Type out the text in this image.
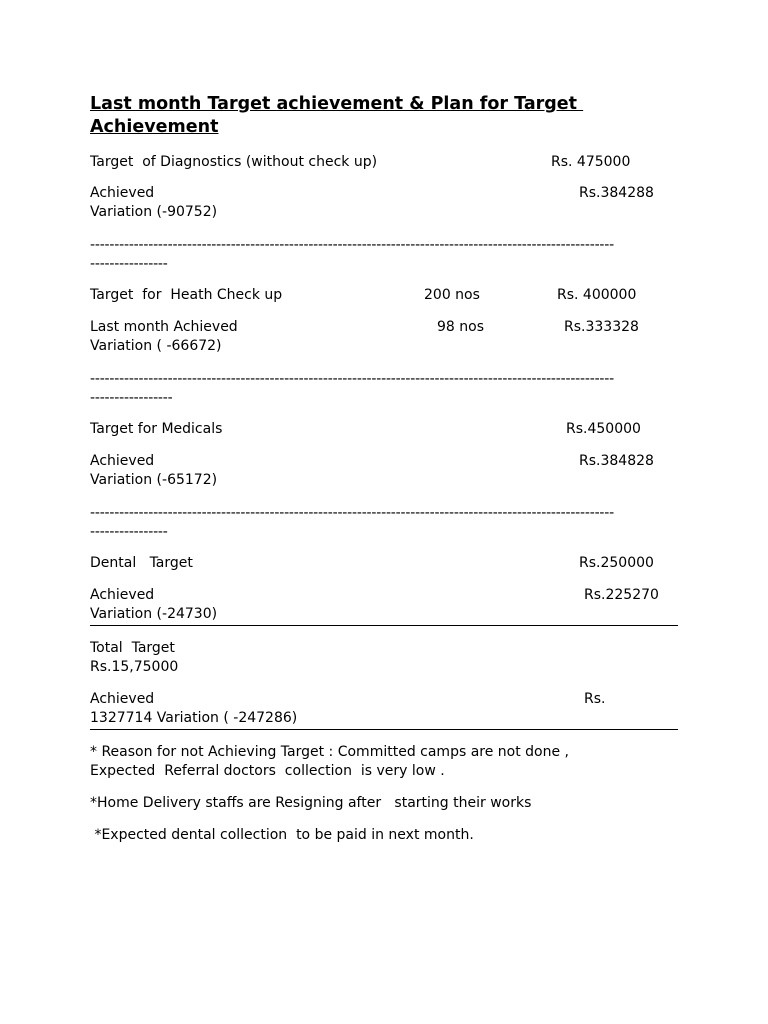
Last month Target achievement & Plan for Target
Achievement
Target  of Diagnostics (without check up)	Rs. 475000
Achieved	Rs.384288
Variation (-90752)
------------------------------------------------------------------------------------------------------------
----------------
Target  for  Heath Check up	200 nos	Rs. 400000
Last month Achieved	98 nos	Rs.333328
Variation ( -66672)
------------------------------------------------------------------------------------------------------------
-----------------
Target for Medicals	Rs.450000
Achieved	Rs.384828
Variation (-65172)
------------------------------------------------------------------------------------------------------------
----------------
Dental   Target	Rs.250000
Achieved	Rs.225270
Variation (-24730)
Total  Target
Rs.15,75000
Achieved	Rs.
1327714 Variation ( -247286)
* Reason for not Achieving Target : Committed camps are not done ,
Expected  Referral doctors  collection  is very low .
*Home Delivery staffs are Resigning after   starting their works
*Expected dental collection  to be paid in next month.
